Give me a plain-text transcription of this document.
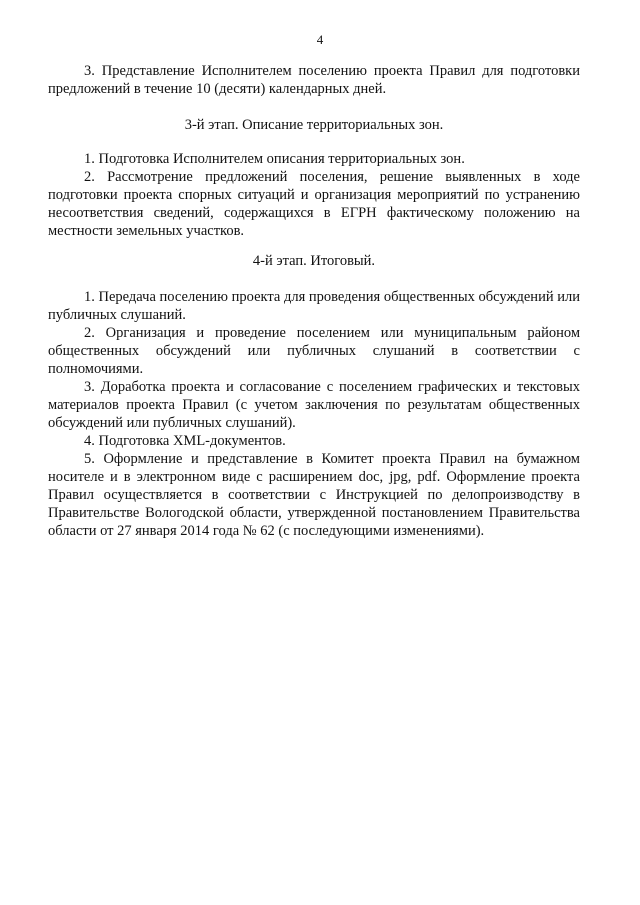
4

3. Представление Исполнителем поселению проекта Правил для подготовки предложений в течение 10 (десяти) календарных дней.

3-й этап. Описание территориальных зон.

1. Подготовка Исполнителем описания территориальных зон.

2. Рассмотрение предложений поселения, решение выявленных в ходе подготовки проекта спорных ситуаций и организация мероприятий по устранению несоответствия сведений, содержащихся в ЕГРН фактическому положению на местности земельных участков.

4-й этап. Итоговый.

1. Передача поселению проекта для проведения общественных обсуждений или публичных слушаний.

2. Организация и проведение поселением или муниципальным районом общественных обсуждений или публичных слушаний в соответствии с полномочиями.

3. Доработка проекта и согласование с поселением графических и текстовых материалов проекта Правил (с учетом заключения по результатам общественных обсуждений или публичных слушаний).

4. Подготовка XML-документов.

5. Оформление и представление в Комитет проекта Правил на бумажном носителе и в электронном виде с расширением doc, jpg, pdf. Оформление проекта Правил осуществляется в соответствии с Инструкцией по делопроизводству в Правительстве Вологодской области, утвержденной постановлением Правительства области от 27 января 2014 года № 62 (с последующими изменениями).
